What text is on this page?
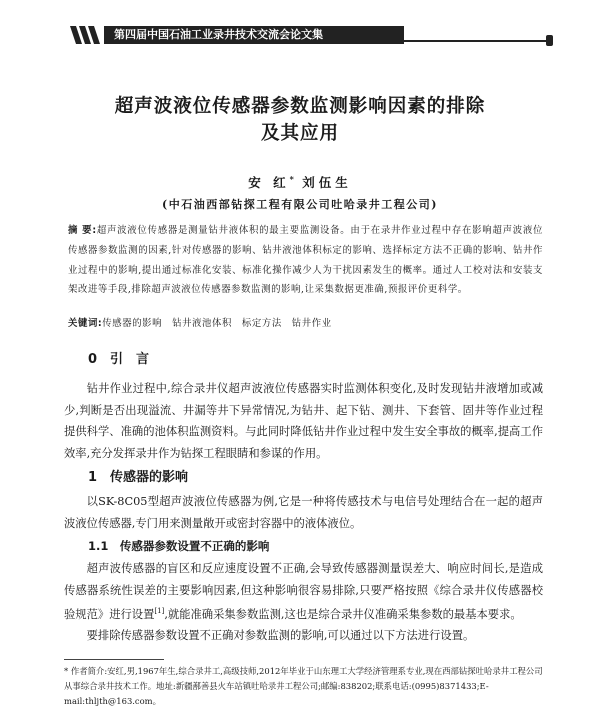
第四届中国石油工业录井技术交流会论文集
超声波液位传感器参数监测影响因素的排除
及其应用
安 红* 刘伍生
(中石油西部钻探工程有限公司吐哈录井工程公司)
摘 要:超声波液位传感器是测量钻井液体积的最主要监测设备。由于在录井作业过程中存在影响超声波液位传感器参数监测的因素,针对传感器的影响、钻井液池体积标定的影响、选择标定方法不正确的影响、钻井作业过程中的影响,提出通过标准化安装、标准化操作减少人为干扰因素发生的概率。通过人工校对法和安装支架改进等手段,排除超声波液位传感器参数监测的影响,让采集数据更准确,预报评价更科学。
关键词:传感器的影响　钻井液池体积　标定方法　钻井作业
0　引　言
钻井作业过程中,综合录井仪超声波液位传感器实时监测体积变化,及时发现钻井液增加或减少,判断是否出现溢流、井漏等井下异常情况,为钻井、起下钻、测井、下套管、固井等作业过程提供科学、准确的池体积监测资料。与此同时降低钻井作业过程中发生安全事故的概率,提高工作效率,充分发挥录井作为钻探工程眼睛和参谋的作用。
1　传感器的影响
以SK-8C05型超声波液位传感器为例,它是一种将传感技术与电信号处理结合在一起的超声波液位传感器,专门用来测量敞开或密封容器中的液体液位。
1.1　传感器参数设置不正确的影响
超声波传感器的盲区和反应速度设置不正确,会导致传感器测量误差大、响应时间长,是造成传感器系统性误差的主要影响因素,但这种影响很容易排除,只要严格按照《综合录井仪传感器校验规范》进行设置[1],就能准确采集参数监测,这也是综合录井仪准确采集参数的最基本要求。
要排除传感器参数设置不正确对参数监测的影响,可以通过以下方法进行设置。
* 作者简介:安红,男,1967年生,综合录井工,高级技师,2012年毕业于山东理工大学经济管理系专业,现在西部钻探吐哈录井工程公司从事综合录井技术工作。地址:新疆鄯善县火车站镇吐哈录井工程公司;邮编:838202;联系电话:(0995)8371433;E-mail:thljth@163.com。
